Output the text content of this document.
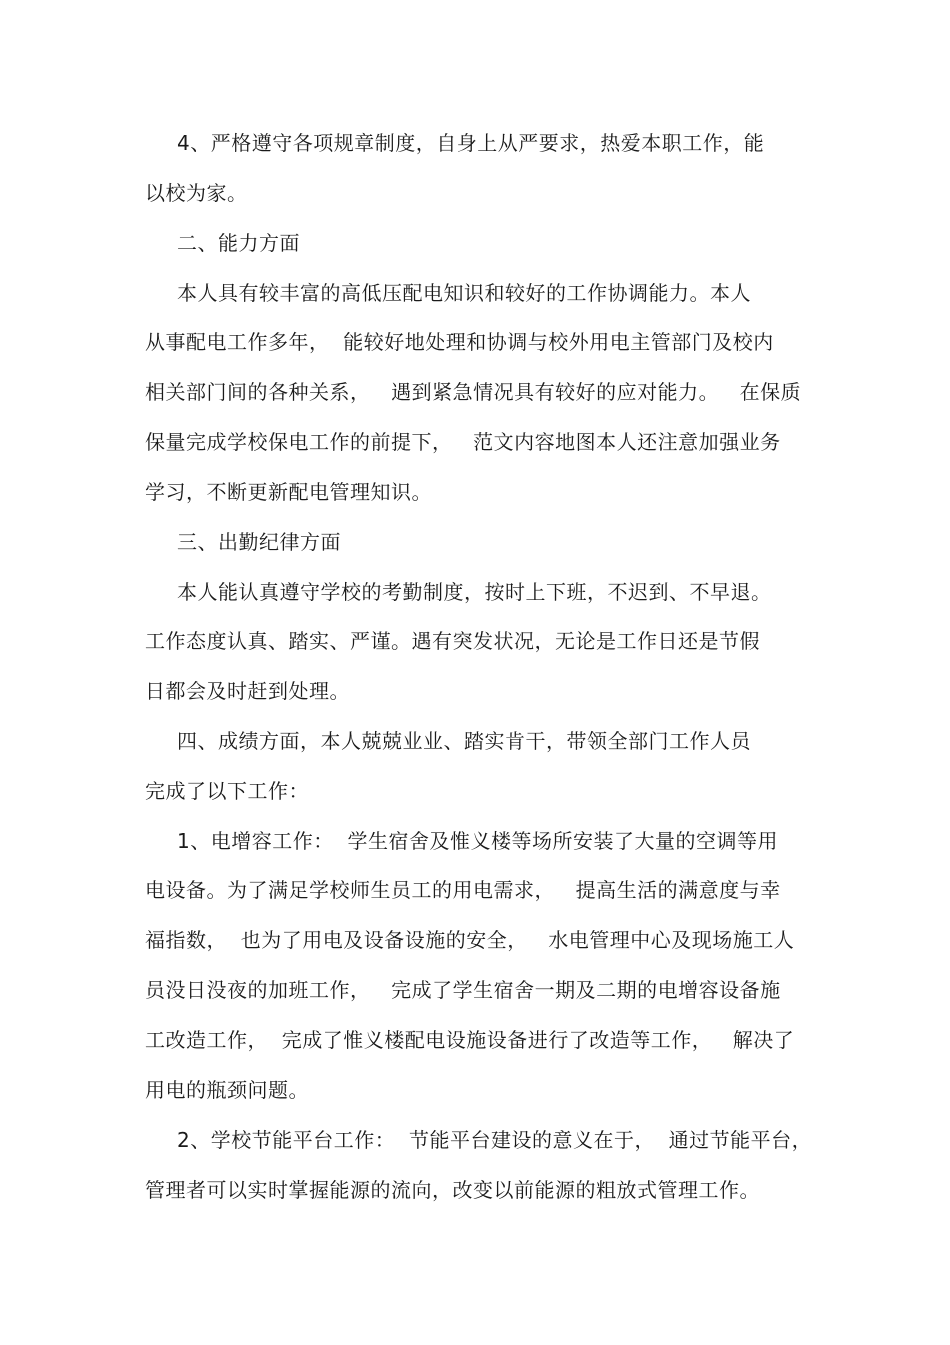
4、严格遵守各项规章制度，自身上从严要求，热爱本职工作，能
以校为家。
二、能力方面
本人具有较丰富的高低压配电知识和较好的工作协调能力。本人
从事配电工作多年，  能较好地处理和协调与校外用电主管部门及校内
相关部门间的各种关系，   遇到紧急情况具有较好的应对能力。   在保质
保量完成学校保电工作的前提下，   范文内容地图本人还注意加强业务
学习，不断更新配电管理知识。
三、出勤纪律方面
本人能认真遵守学校的考勤制度，按时上下班，不迟到、不早退。
工作态度认真、踏实、严谨。遇有突发状况，无论是工作日还是节假
日都会及时赶到处理。
四、成绩方面，本人兢兢业业、踏实肯干，带领全部门工作人员
完成了以下工作：
1、电增容工作：  学生宿舍及惟义楼等场所安装了大量的空调等用
电设备。为了满足学校师生员工的用电需求，   提高生活的满意度与幸
福指数，  也为了用电及设备设施的安全，   水电管理中心及现场施工人
员没日没夜的加班工作，   完成了学生宿舍一期及二期的电增容设备施
工改造工作，  完成了惟义楼配电设施设备进行了改造等工作，   解决了
用电的瓶颈问题。
2、学校节能平台工作：  节能平台建设的意义在于，  通过节能平台，
管理者可以实时掌握能源的流向，改变以前能源的粗放式管理工作。
